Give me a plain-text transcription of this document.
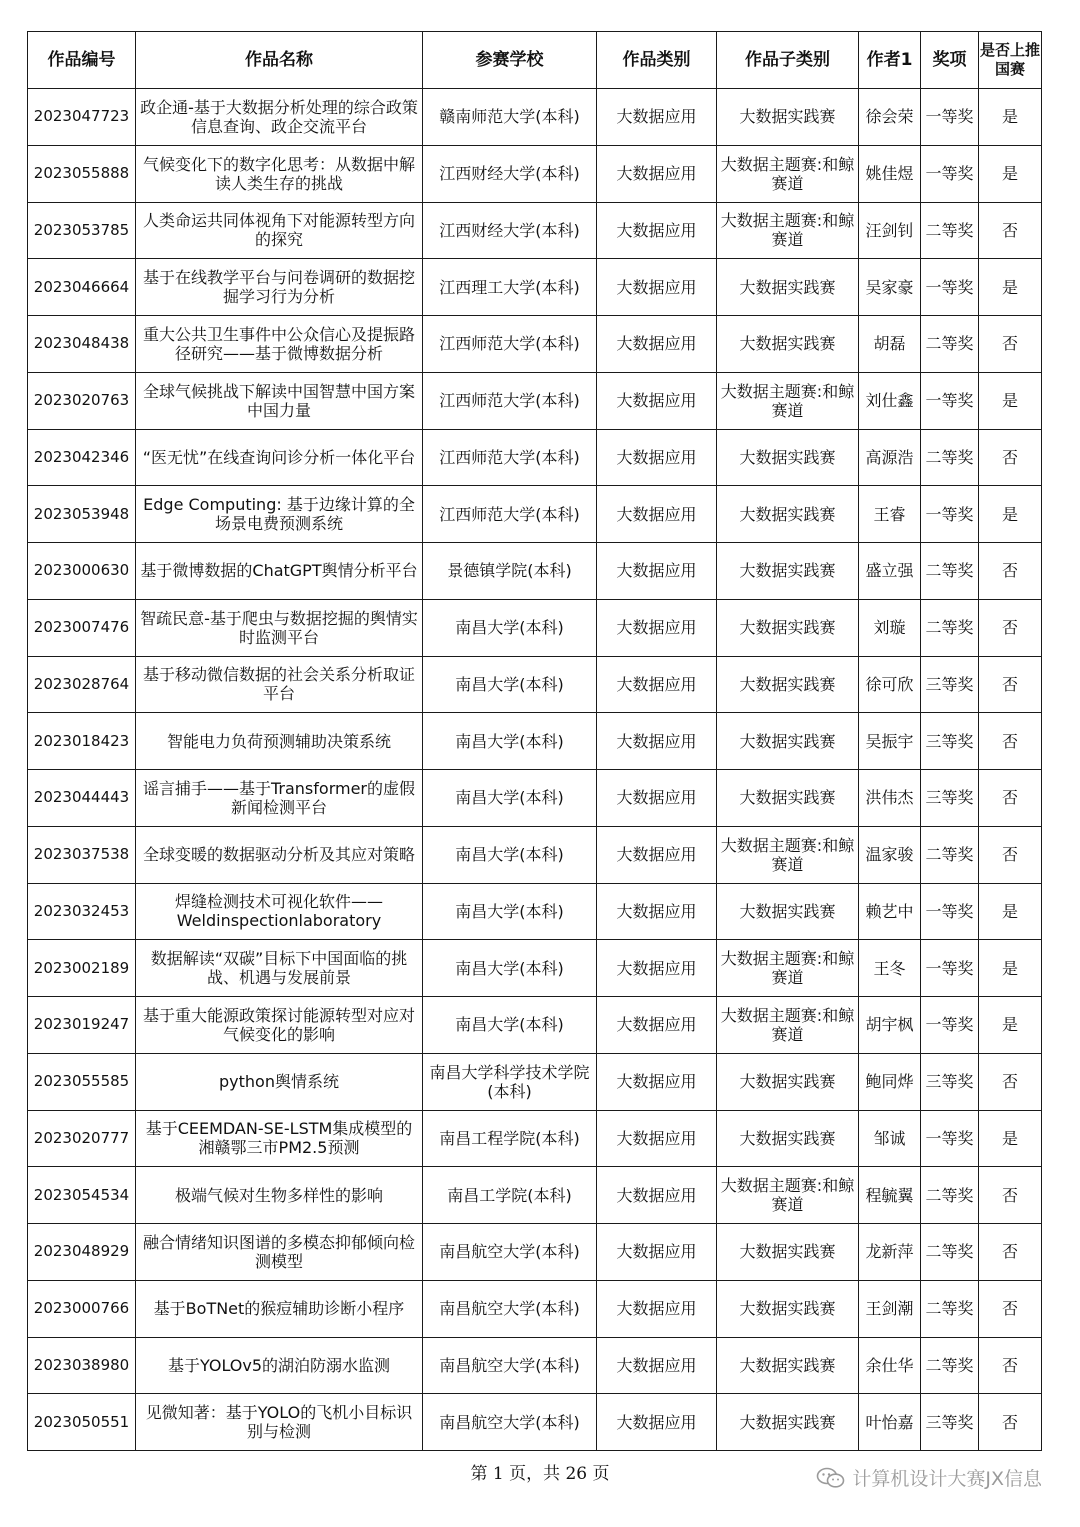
作品编号	作品名称	参赛学校	作品类别	作品子类别	作者1	奖项	是否上推国赛
2023047723	政企通-基于大数据分析处理的综合政策信息查询、政企交流平台	赣南师范大学(本科)	大数据应用	大数据实践赛	徐会荣	一等奖	是
2023055888	气候变化下的数字化思考：从数据中解读人类生存的挑战	江西财经大学(本科)	大数据应用	大数据主题赛:和鲸赛道	姚佳煜	一等奖	是
2023053785	人类命运共同体视角下对能源转型方向的探究	江西财经大学(本科)	大数据应用	大数据主题赛:和鲸赛道	汪剑钊	二等奖	否
2023046664	基于在线教学平台与问卷调研的数据挖掘学习行为分析	江西理工大学(本科)	大数据应用	大数据实践赛	吴家豪	一等奖	是
2023048438	重大公共卫生事件中公众信心及提振路径研究——基于微博数据分析	江西师范大学(本科)	大数据应用	大数据实践赛	胡磊	二等奖	否
2023020763	全球气候挑战下解读中国智慧中国方案中国力量	江西师范大学(本科)	大数据应用	大数据主题赛:和鲸赛道	刘仕鑫	一等奖	是
2023042346	“医无忧”在线查询问诊分析一体化平台	江西师范大学(本科)	大数据应用	大数据实践赛	高源浩	二等奖	否
2023053948	Edge Computing: 基于边缘计算的全场景电费预测系统	江西师范大学(本科)	大数据应用	大数据实践赛	王睿	一等奖	是
2023000630	基于微博数据的ChatGPT舆情分析平台	景德镇学院(本科)	大数据应用	大数据实践赛	盛立强	二等奖	否
2023007476	智疏民意-基于爬虫与数据挖掘的舆情实时监测平台	南昌大学(本科)	大数据应用	大数据实践赛	刘璇	二等奖	否
2023028764	基于移动微信数据的社会关系分析取证平台	南昌大学(本科)	大数据应用	大数据实践赛	徐可欣	三等奖	否
2023018423	智能电力负荷预测辅助决策系统	南昌大学(本科)	大数据应用	大数据实践赛	吴振宇	三等奖	否
2023044443	谣言捕手——基于Transformer的虚假新闻检测平台	南昌大学(本科)	大数据应用	大数据实践赛	洪伟杰	三等奖	否
2023037538	全球变暖的数据驱动分析及其应对策略	南昌大学(本科)	大数据应用	大数据主题赛:和鲸赛道	温家骏	二等奖	否
2023032453	焊缝检测技术可视化软件——Weldinspectionlaboratory	南昌大学(本科)	大数据应用	大数据实践赛	赖艺中	一等奖	是
2023002189	数据解读“双碳”目标下中国面临的挑战、机遇与发展前景	南昌大学(本科)	大数据应用	大数据主题赛:和鲸赛道	王冬	一等奖	是
2023019247	基于重大能源政策探讨能源转型对应对气候变化的影响	南昌大学(本科)	大数据应用	大数据主题赛:和鲸赛道	胡宇枫	一等奖	是
2023055585	python舆情系统	南昌大学科学技术学院(本科)	大数据应用	大数据实践赛	鲍同烨	三等奖	否
2023020777	基于CEEMDAN-SE-LSTM集成模型的湘赣鄂三市PM2.5预测	南昌工程学院(本科)	大数据应用	大数据实践赛	邹诚	一等奖	是
2023054534	极端气候对生物多样性的影响	南昌工学院(本科)	大数据应用	大数据主题赛:和鲸赛道	程毓翼	二等奖	否
2023048929	融合情绪知识图谱的多模态抑郁倾向检测模型	南昌航空大学(本科)	大数据应用	大数据实践赛	龙新萍	二等奖	否
2023000766	基于BoTNet的猴痘辅助诊断小程序	南昌航空大学(本科)	大数据应用	大数据实践赛	王剑潮	二等奖	否
2023038980	基于YOLOv5的湖泊防溺水监测	南昌航空大学(本科)	大数据应用	大数据实践赛	余仕华	二等奖	否
2023050551	见微知著：基于YOLO的飞机小目标识别与检测	南昌航空大学(本科)	大数据应用	大数据实践赛	叶怡嘉	三等奖	否
第 1 页，共 26 页	计算机设计大赛JX信息
